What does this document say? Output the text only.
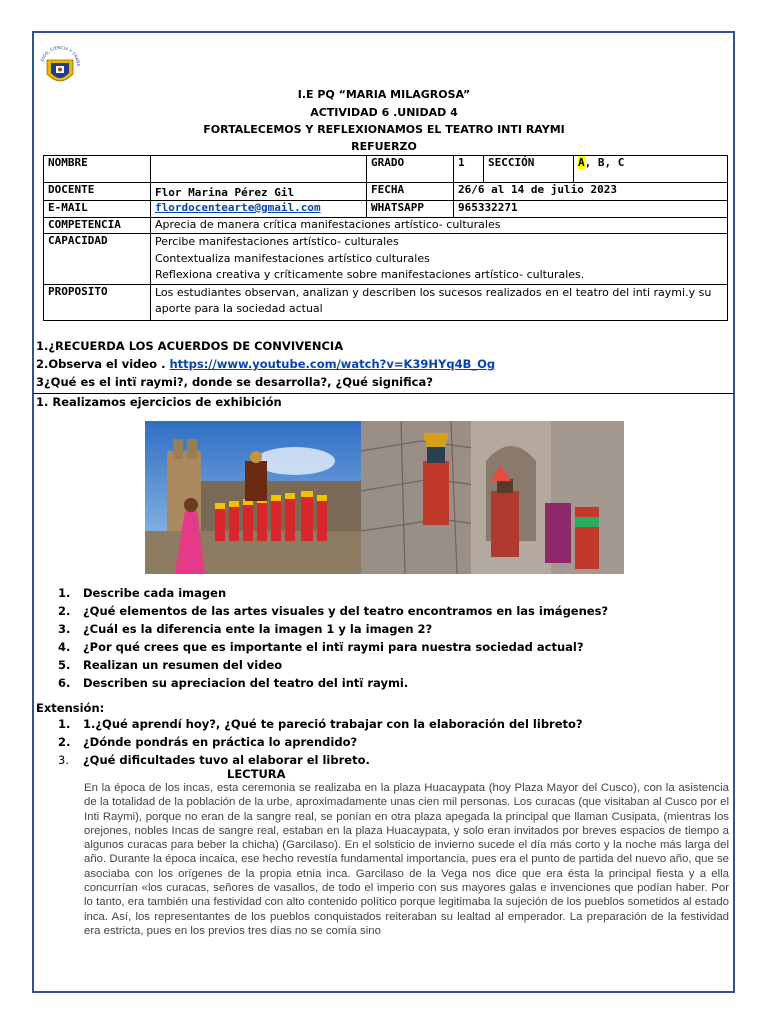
DIOS, CIENCIA Y TRABA
I.E PQ “MARIA MILAGROSA”
ACTIVIDAD 6 .UNIDAD 4
FORTALECEMOS Y REFLEXIONAMOS EL TEATRO INTI RAYMI
REFUERZO
NOMBRE		GRADO	1	SECCIÓN	A, B, C
DOCENTE	Flor Marina Pérez Gil	FECHA	26/6 al 14 de julio 2023		
E-MAIL	flordocentearte@gmail.com	WHATSAPP	965332271		
COMPETENCIA	Aprecia de manera crítica manifestaciones artístico- culturales				
CAPACIDAD	Percibe manifestaciones artístico- culturales
Contextualiza manifestaciones artístico culturales
Reflexiona creativa y críticamente sobre manifestaciones artístico- culturales.				

PROPOSITO	Los estudiantes observan, analizan y describen los sucesos realizados en el teatro del inti raymi.y su aporte para la sociedad actual				
1.¿RECUERDA LOS ACUERDOS DE CONVIVENCIA
2.Observa el video . https://www.youtube.com/watch?v=K39HYq4B_Og
3¿Qué es el intï raymi?, donde se desarrolla?, ¿Qué significa?
1. Realizamos ejercicios de exhibición
1. Describe cada imagen
2. ¿Qué elementos de las artes visuales y del teatro encontramos en las imágenes?
3. ¿Cuál es la diferencia ente la imagen 1 y la imagen 2?
4. ¿Por qué crees que es importante el intï raymi para nuestra sociedad actual?
5. Realizan un resumen del video
6. Describen su apreciacion del teatro del intï raymi.
Extensión:
1. 1.¿Qué aprendí hoy?, ¿Qué te pareció trabajar con la elaboración del libreto?
2. ¿Dónde pondrás en práctica lo aprendido?
3. ¿Qué dificultades tuvo al elaborar el libreto.
LECTURA
En la época de los incas, esta ceremonia se realizaba en la plaza Huacaypata (hoy Plaza Mayor del Cusco), con la asistencia de la totalidad de la población de la urbe, aproximadamente unas cien mil personas. Los curacas (que visitaban al Cusco por el Inti Raymi), porque no eran de la sangre real, se ponían en otra plaza apegada la principal que llaman Cusipata, (mientras los orejones, nobles Incas de sangre real, estaban en la plaza Huacaypata, y solo eran invitados por breves espacios de tiempo a algunos curacas para beber la chicha) (Garcilaso). En el solsticio de invierno sucede el día más corto y la noche más larga del año. Durante la época incaica, ese hecho revestía fundamental importancia, pues era el punto de partida del nuevo año, que se asociaba con los orígenes de la propia etnia inca. Garcilaso de la Vega nos dice que era ésta la principal fiesta y a ella concurrían «los curacas, señores de vasallos, de todo el imperio con sus mayores galas e invenciones que podían haber. Por lo tanto, era también una festividad con alto contenido político porque legitimaba la sujeción de los pueblos sometidos al estado inca. Así, los representantes de los pueblos conquistados reiteraban su lealtad al emperador. La preparación de la festividad era estricta, pues en los previos tres días no se comía sino
